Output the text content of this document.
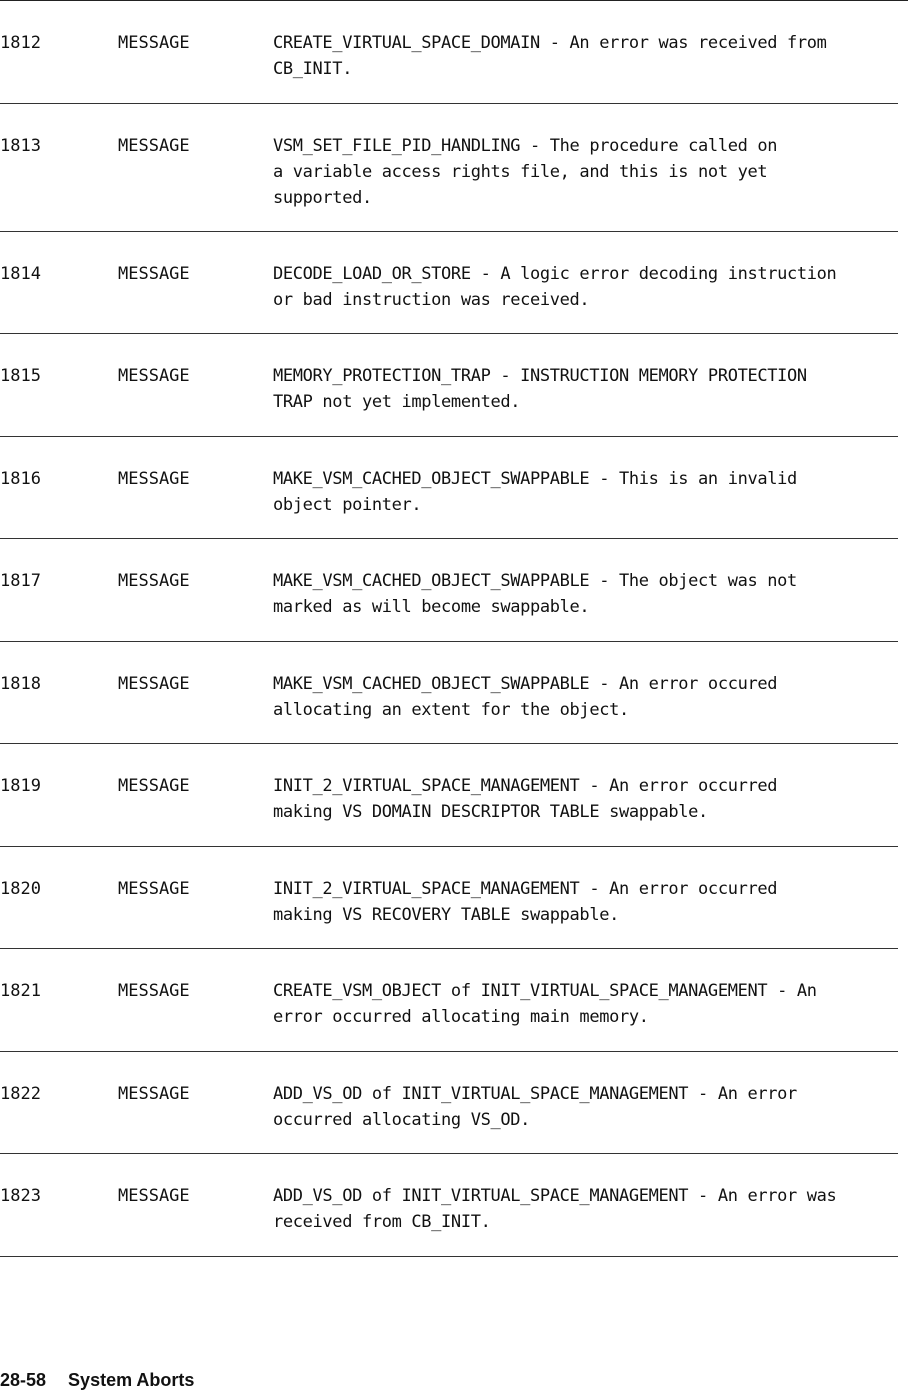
1812	MESSAGE	CREATE_VIRTUAL_SPACE_DOMAIN - An error was received from
CB_INIT.
1813	MESSAGE	VSM_SET_FILE_PID_HANDLING - The procedure called on
a variable access rights file, and this is not yet
supported.
1814	MESSAGE	DECODE_LOAD_OR_STORE - A logic error decoding instruction
or bad instruction was received.
1815	MESSAGE	MEMORY_PROTECTION_TRAP - INSTRUCTION MEMORY PROTECTION
TRAP not yet implemented.
1816	MESSAGE	MAKE_VSM_CACHED_OBJECT_SWAPPABLE - This is an invalid
object pointer.
1817	MESSAGE	MAKE_VSM_CACHED_OBJECT_SWAPPABLE - The object was not
marked as will become swappable.
1818	MESSAGE	MAKE_VSM_CACHED_OBJECT_SWAPPABLE - An error occured
allocating an extent for the object.
1819	MESSAGE	INIT_2_VIRTUAL_SPACE_MANAGEMENT - An error occurred
making VS DOMAIN DESCRIPTOR TABLE swappable.
1820	MESSAGE	INIT_2_VIRTUAL_SPACE_MANAGEMENT - An error occurred
making VS RECOVERY TABLE swappable.
1821	MESSAGE	CREATE_VSM_OBJECT of INIT_VIRTUAL_SPACE_MANAGEMENT - An
error occurred allocating main memory.
1822	MESSAGE	ADD_VS_OD of INIT_VIRTUAL_SPACE_MANAGEMENT - An error
occurred allocating VS_OD.
1823	MESSAGE	ADD_VS_OD of INIT_VIRTUAL_SPACE_MANAGEMENT - An error was
received from CB_INIT.
28-58 System Aborts
